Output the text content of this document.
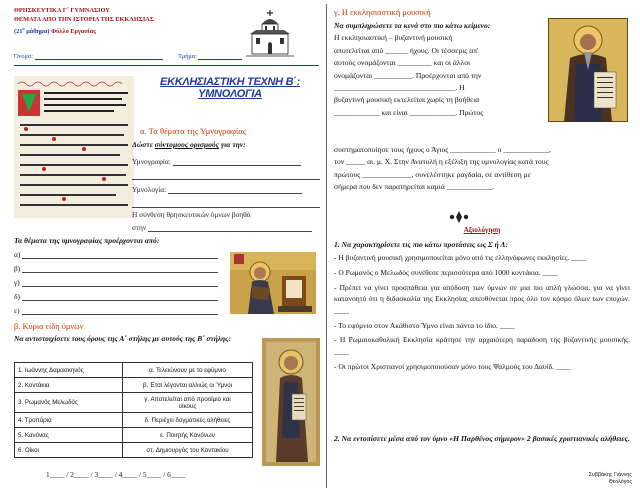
ΘΡΗΣΚΕΥΤΙΚΑ Γ΄ ΓΥΜΝΑΣΙΟΥ
ΘΕΜΑΤΑ ΑΠΟ ΤΗΝ ΙΣΤΟΡΙΑ ΤΗΣ ΕΚΚΛΗΣΙΑΣ
($21^o$ μάθημα) Φύλλο Εργασίας
Όνομα:	Τμήμα:
ΕΚΚΛΗΣΙΑΣΤΙΚΗ ΤΕΧΝΗ Β΄:
ΥΜΝΟΛΟΓΙΑ
α. Τα θέματα της Υμνογραφίας
Δώστε σύντομους ορισμούς για την:
Υμνογραφία:

Υμνολογία:

Η σύνθεση θρησκευτικών ύμνων βοηθά
στην
Τα θέματα της υμνογραφίας προέρχονται από:
α)
β)
γ)
δ)
ε)
β. Κύρια είδη ύμνων
Να αντιστοιχίσετε τους όρους της Α΄ στήλης με αυτούς της Β΄ στήλης:
1. Ιωάννης Δαμασκηνός	α. Τελειώνουν με το εφύμνιο
2. Κοντάκια	β. Έτσι λέγονται αλλιώς οι Ύμνοι
3. Ρωμανός Μελωδός	γ. Αποτελείται από προοίμιο και
οίκους

4. Τροπάρια	δ. Περιέχει δογματικές αλήθειες
5. Κανόνας	ε. Ποιητής Κανόνων
6. Οίκοι	στ. Δημιουργός του Κοντακίου
1____ / 2____ / 3____ / 4____ / 5____ / 6____
γ. Η εκκλησιαστική μουσική
Να συμπληρώσετε τα κενά στο πιο κάτω κείμενο:
Η εκκλησιαστική – βυζαντινή μουσική
αποτελείται από ______ ήχους. Οι τέσσερις απ'
αυτούς ονομάζονται _________ και οι άλλοι
ονομάζονται __________. Προέρχονται από την
________________________________. Η
βυζαντινή μουσική εκτελείται χωρίς τη βοήθεια
____________ και είναι ____________. Πρώτος
συστηματοποίησε τους ήχους ο Άγιος ____________ ο ____________,
τον _____ αι. μ. Χ. Στην Ανατολή η εξέλιξη της υμνολογίας κατά τους
πρώτους _____________, συνελέστηκε ραγδαία, σε αντίθεση με
σήμερα που δεν παρατηρείται καμιά ____________.
Αξιολόγηση
1. Να χαρακτηρίσετε τις πιο κάτω προτάσεις ως Σ ή Λ:

- Η βυζαντινή μουσική χρησιμοποιείται μόνο από τις ελληνόφωνες εκκλησίες. ____

- Ο Ρωμανός ο Μελωδός συνέθεσε περισσότερα από 1000 κοντάκια. ____

- Πρέπει να γίνει προσπάθεια για απόδοση των ύμνων σε μια πιο απλή γλώσσα, για να γίνει κατανοητό ότι η διδασκαλία της Εκκλησίας απευθύνεται προς όλο τον κόσμο όλων των εποχών. ____

- Το εφύμνιο στον Ακάθιστο Ύμνο είναι πάντα το ίδιο. ____

- Η Ρωμαιοκαθολική Εκκλησία κράτησε την αρχαιότερη παράδοση της βυζαντινής μουσικής. ____

- Οι πρώτοι Χριστιανοί χρησιμοποιούσαν μόνο τους Ψαλμούς του Δαυίδ. ____

2. Να εντοπίσετε μέσα από τον ύμνο «Η Παρθένος σήμερον» 2 βασικές χριστιανικές αλήθειες.
Συββάκης Γιάννης
Θεολόγος
